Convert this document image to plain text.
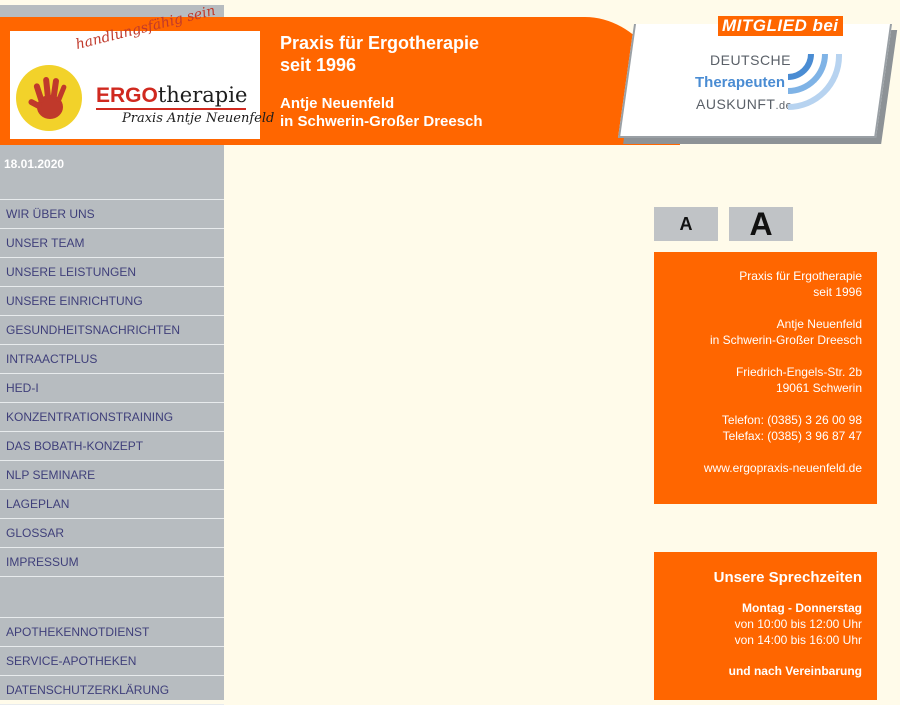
18.01.2020
WIR ÜBER UNS
UNSER TEAM
UNSERE LEISTUNGEN
UNSERE EINRICHTUNG
GESUNDHEITSNACHRICHTEN
INTRAACTPLUS
HED-I
KONZENTRATIONSTRAINING
DAS BOBATH-KONZEPT
NLP SEMINARE
LAGEPLAN
GLOSSAR
IMPRESSUM
APOTHEKENNOTDIENST
SERVICE-APOTHEKEN
DATENSCHUTZERKLÄRUNG
handlungsfähig sein
ERGOtherapie
Praxis Antje Neuenfeld
Praxis für Ergotherapie
seit 1996
Antje Neuenfeld
in Schwerin-Großer Dreesch
MITGLIED bei
DEUTSCHE
Therapeuten
AUSKUNFT.de
A	A

Praxis für Ergotherapie
seit 1996

Antje Neuenfeld
in Schwerin-Großer Dreesch

Friedrich-Engels-Str. 2b
19061 Schwerin

Telefon: (0385) 3 26 00 98
Telefax: (0385) 3 96 87 47

www.ergopraxis-neuenfeld.de

Unsere Sprechzeiten
Montag - Donnerstag
von 10:00 bis 12:00 Uhr
von 14:00 bis 16:00 Uhr
und nach Vereinbarung
